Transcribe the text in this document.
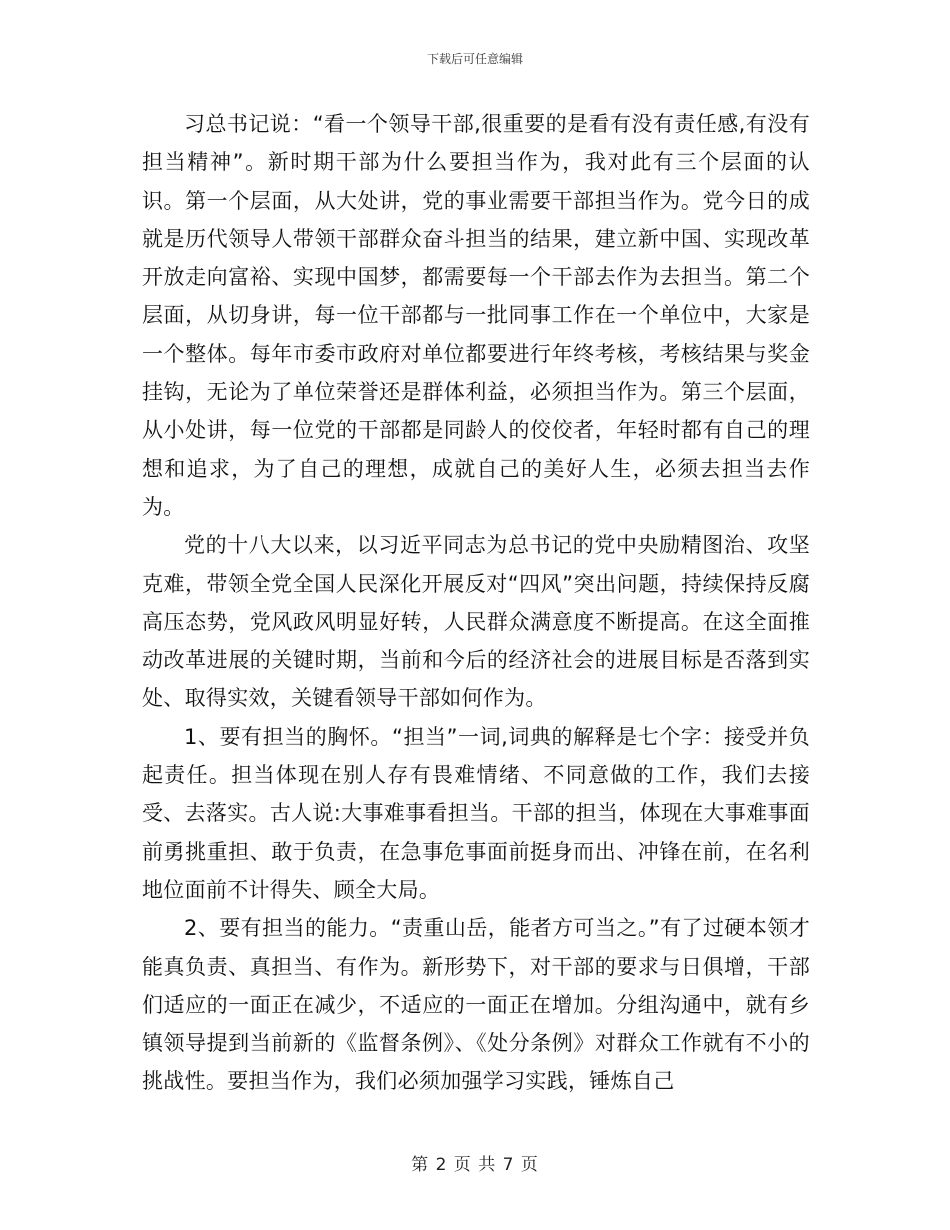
下载后可任意编辑

习总书记说：“看一个领导干部,很重要的是看有没有责任感,有没有担当精神”。新时期干部为什么要担当作为，我对此有三个层面的认识。第一个层面，从大处讲，党的事业需要干部担当作为。党今日的成就是历代领导人带领干部群众奋斗担当的结果，建立新中国、实现改革开放走向富裕、实现中国梦，都需要每一个干部去作为去担当。第二个层面，从切身讲，每一位干部都与一批同事工作在一个单位中，大家是一个整体。每年市委市政府对单位都要进行年终考核，考核结果与奖金挂钩，无论为了单位荣誉还是群体利益，必须担当作为。第三个层面，从小处讲，每一位党的干部都是同龄人的佼佼者，年轻时都有自己的理想和追求，为了自己的理想，成就自己的美好人生，必须去担当去作为。

党的十八大以来，以习近平同志为总书记的党中央励精图治、攻坚克难，带领全党全国人民深化开展反对“四风”突出问题，持续保持反腐高压态势，党风政风明显好转，人民群众满意度不断提高。在这全面推动改革进展的关键时期，当前和今后的经济社会的进展目标是否落到实处、取得实效，关键看领导干部如何作为。

1、要有担当的胸怀。“担当”一词,词典的解释是七个字：接受并负起责任。担当体现在别人存有畏难情绪、不同意做的工作，我们去接受、去落实。古人说:大事难事看担当。干部的担当，体现在大事难事面前勇挑重担、敢于负责，在急事危事面前挺身而出、冲锋在前，在名利地位面前不计得失、顾全大局。

2、要有担当的能力。“责重山岳，能者方可当之。”有了过硬本领才能真负责、真担当、有作为。新形势下，对干部的要求与日俱增，干部们适应的一面正在减少，不适应的一面正在增加。分组沟通中，就有乡镇领导提到当前新的《监督条例》、《处分条例》对群众工作就有不小的挑战性。要担当作为，我们必须加强学习实践，锤炼自己

第 2 页 共 7 页
